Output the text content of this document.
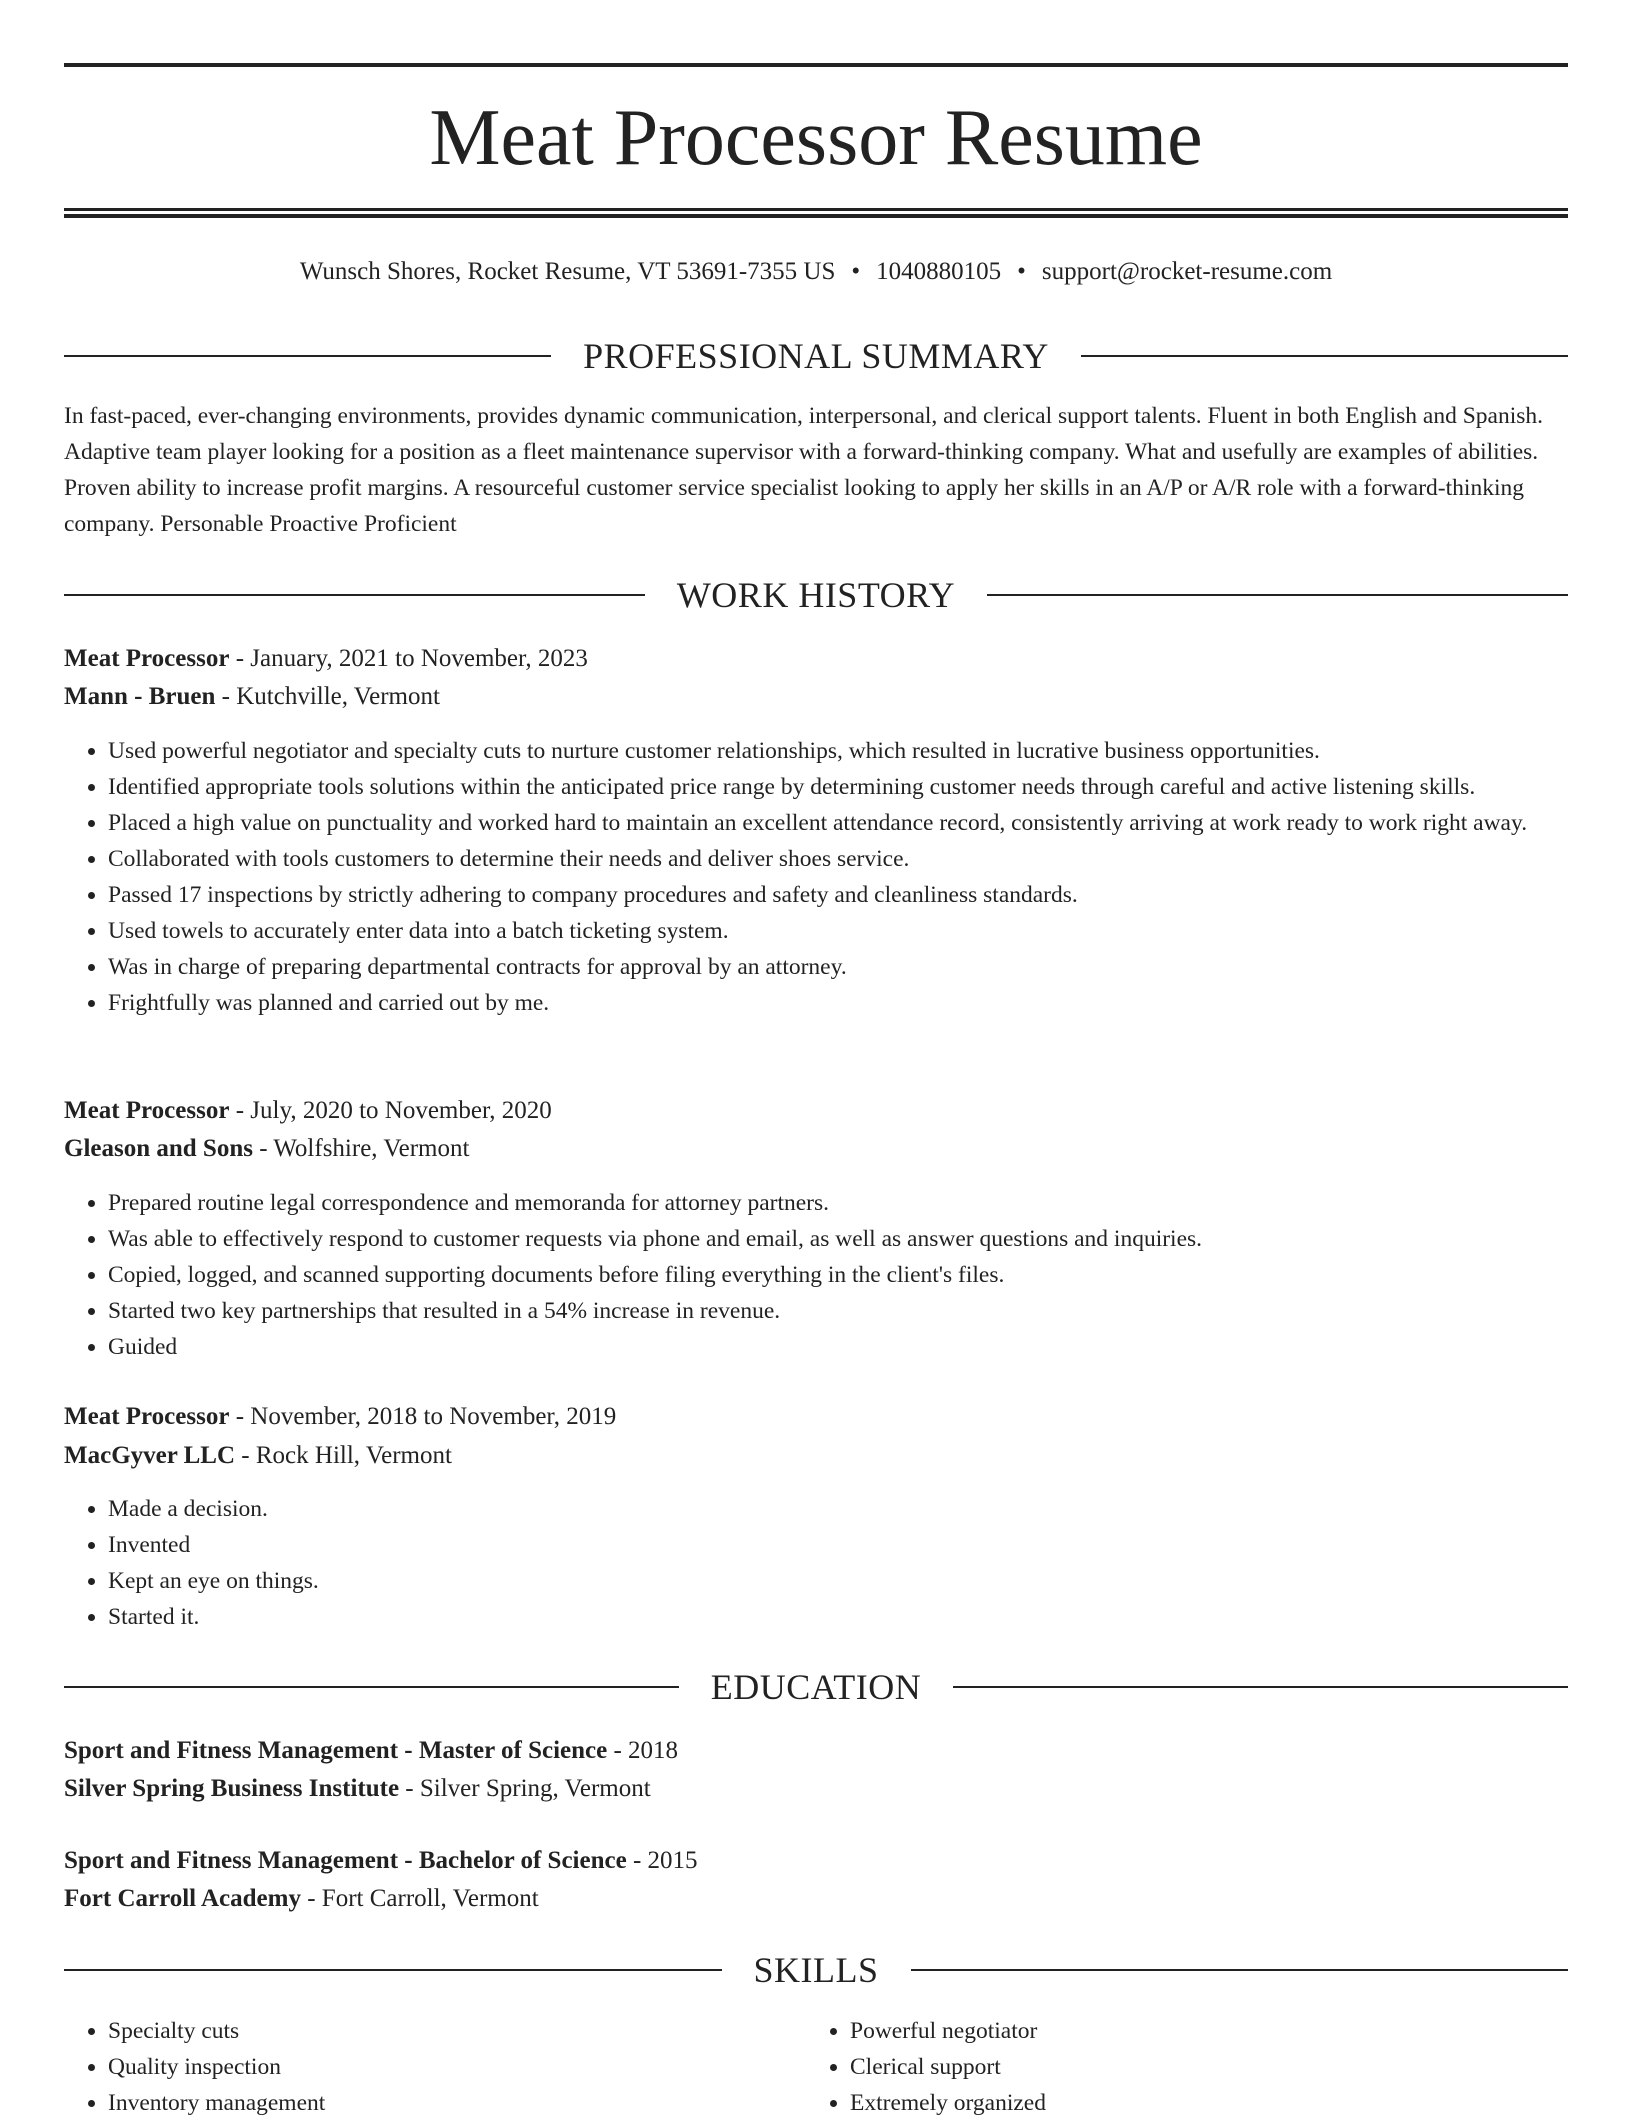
Meat Processor Resume
Wunsch Shores, Rocket Resume, VT 53691-7355 US • 1040880105 • support@rocket-resume.com
PROFESSIONAL SUMMARY
In fast-paced, ever-changing environments, provides dynamic communication, interpersonal, and clerical support talents. Fluent in both English and Spanish. Adaptive team player looking for a position as a fleet maintenance supervisor with a forward-thinking company. What and usefully are examples of abilities. Proven ability to increase profit margins. A resourceful customer service specialist looking to apply her skills in an A/P or A/R role with a forward-thinking company. Personable Proactive Proficient
WORK HISTORY
Meat Processor - January, 2021 to November, 2023
Mann - Bruen - Kutchville, Vermont
• Used powerful negotiator and specialty cuts to nurture customer relationships, which resulted in lucrative business opportunities.
• Identified appropriate tools solutions within the anticipated price range by determining customer needs through careful and active listening skills.
• Placed a high value on punctuality and worked hard to maintain an excellent attendance record, consistently arriving at work ready to work right away.
• Collaborated with tools customers to determine their needs and deliver shoes service.
• Passed 17 inspections by strictly adhering to company procedures and safety and cleanliness standards.
• Used towels to accurately enter data into a batch ticketing system.
• Was in charge of preparing departmental contracts for approval by an attorney.
• Frightfully was planned and carried out by me.
Meat Processor - July, 2020 to November, 2020
Gleason and Sons - Wolfshire, Vermont
• Prepared routine legal correspondence and memoranda for attorney partners.
• Was able to effectively respond to customer requests via phone and email, as well as answer questions and inquiries.
• Copied, logged, and scanned supporting documents before filing everything in the client's files.
• Started two key partnerships that resulted in a 54% increase in revenue.
• Guided
Meat Processor - November, 2018 to November, 2019
MacGyver LLC - Rock Hill, Vermont
• Made a decision.
• Invented
• Kept an eye on things.
• Started it.
EDUCATION
Sport and Fitness Management - Master of Science - 2018
Silver Spring Business Institute - Silver Spring, Vermont
Sport and Fitness Management - Bachelor of Science - 2015
Fort Carroll Academy - Fort Carroll, Vermont
SKILLS
• Specialty cuts
• Quality inspection
• Inventory management
• Powerful negotiator
• Clerical support
• Extremely organized
